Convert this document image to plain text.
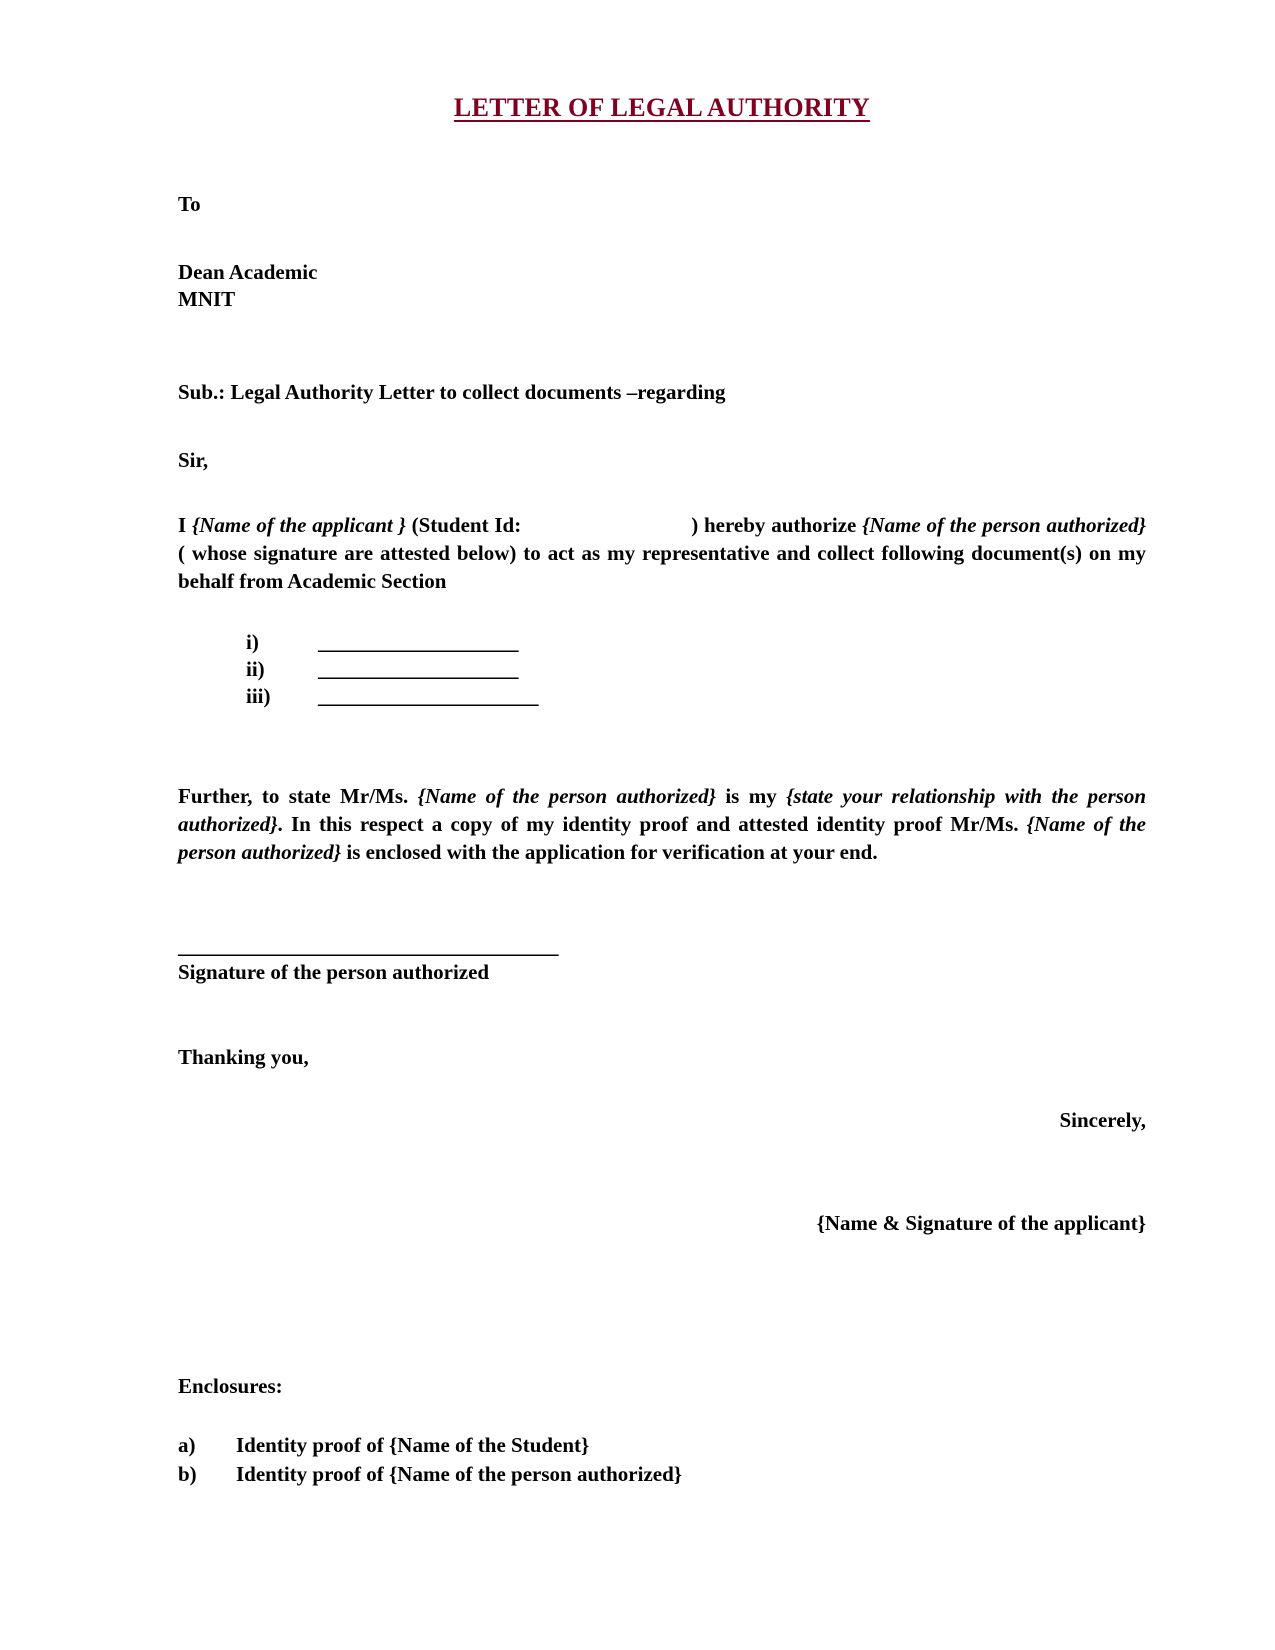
LETTER OF LEGAL AUTHORITY
To
Dean Academic
MNIT
Sub.: Legal Authority Letter to collect documents –regarding
Sir,
I {Name of the applicant } (Student Id:	) hereby authorize {Name of the person authorized} ( whose signature are attested below) to act as my representative and collect following document(s) on my behalf from Academic Section
i)	____________________
ii)	____________________
iii)	______________________
Further, to state Mr/Ms. {Name of the person authorized} is my {state your relationship with the person authorized}. In this respect a copy of my identity proof and attested identity proof Mr/Ms. {Name of the person authorized} is enclosed with the application for verification at your end.
______________________________________
Signature of the person authorized
Thanking you,
Sincerely,
{Name & Signature of the applicant}
Enclosures:
a)	Identity proof of {Name of the Student}
b)	Identity proof of {Name of the person authorized}
